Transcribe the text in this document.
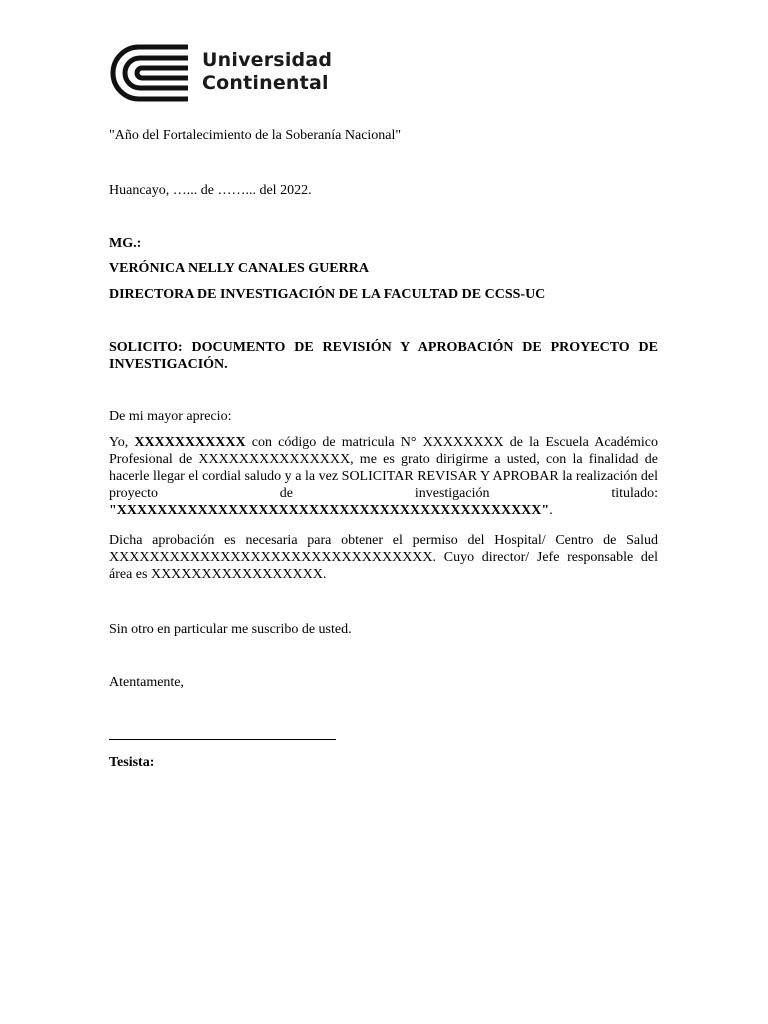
Universidad
Continental
"Año del Fortalecimiento de la Soberanía Nacional"
Huancayo, …... de ……... del 2022.
MG.:
VERÓNICA NELLY CANALES GUERRA
DIRECTORA DE INVESTIGACIÓN DE LA FACULTAD DE CCSS-UC
SOLICITO: DOCUMENTO DE REVISIÓN Y APROBACIÓN DE PROYECTO DE
INVESTIGACIÓN.
De mi mayor aprecio:
Yo, XXXXXXXXXXX con código de matricula N° XXXXXXXX de la Escuela Académico Profesional de XXXXXXXXXXXXXXX, me es grato dirigirme a usted, con la finalidad de hacerle llegar el cordial saludo y a la vez SOLICITAR REVISAR Y APROBAR la realización del proyecto de investigación titulado: "XXXXXXXXXXXXXXXXXXXXXXXXXXXXXXXXXXXXXXXXXX".
Dicha aprobación es necesaria para obtener el permiso del Hospital/ Centro de Salud XXXXXXXXXXXXXXXXXXXXXXXXXXXXXXXX. Cuyo director/ Jefe responsable del área es XXXXXXXXXXXXXXXXX.
Sin otro en particular me suscribo de usted.
Atentamente,
Tesista:
